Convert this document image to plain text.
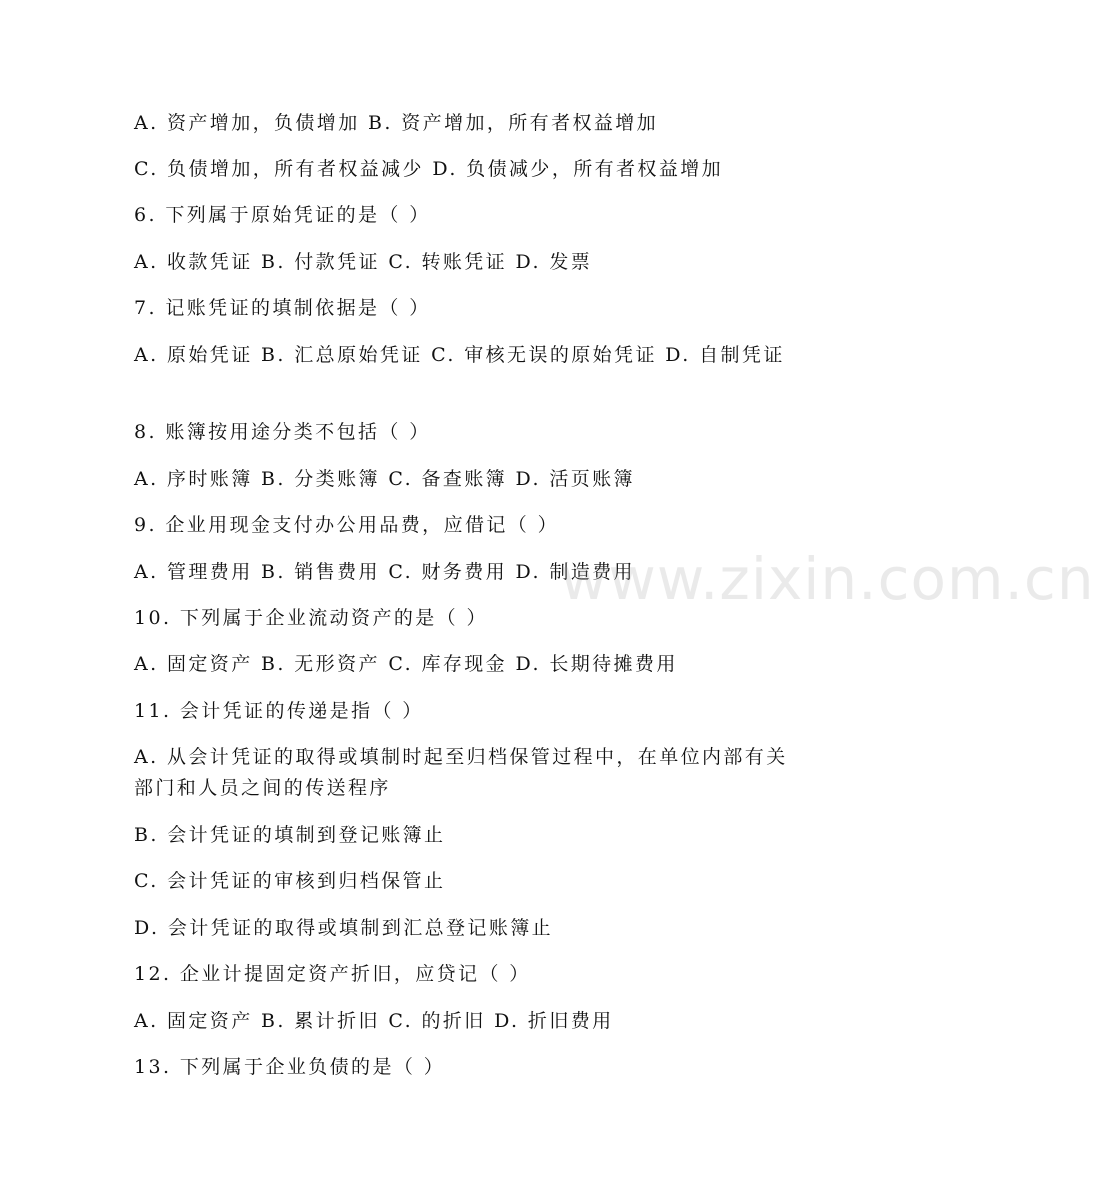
A. 资产增加，负债增加 B. 资产增加，所有者权益增加
C. 负债增加，所有者权益减少 D. 负债减少，所有者权益增加
6. 下列属于原始凭证的是（ ）
A. 收款凭证 B. 付款凭证 C. 转账凭证 D. 发票
7. 记账凭证的填制依据是（ ）
A. 原始凭证 B. 汇总原始凭证 C. 审核无误的原始凭证 D. 自制凭证
8. 账簿按用途分类不包括（ ）
A. 序时账簿 B. 分类账簿 C. 备查账簿 D. 活页账簿
9. 企业用现金支付办公用品费，应借记（ ）
A. 管理费用 B. 销售费用 C. 财务费用 D. 制造费用
10. 下列属于企业流动资产的是（ ）
A. 固定资产 B. 无形资产 C. 库存现金 D. 长期待摊费用
11. 会计凭证的传递是指（ ）
A. 从会计凭证的取得或填制时起至归档保管过程中，在单位内部有关部门和人员之间的传送程序
B. 会计凭证的填制到登记账簿止
C. 会计凭证的审核到归档保管止
D. 会计凭证的取得或填制到汇总登记账簿止
12. 企业计提固定资产折旧，应贷记（ ）
A. 固定资产 B. 累计折旧 C. 的折旧 D. 折旧费用
13. 下列属于企业负债的是（ ）
www.zixin.com.cn
